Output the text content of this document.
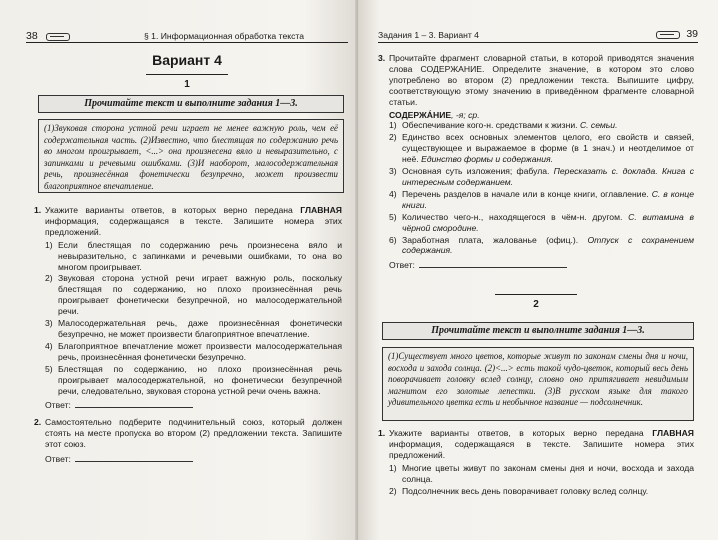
38	§ 1. Информационная обработка текста
Вариант 4
1
Прочитайте текст и выполните задания 1—3.
(1)Звуковая сторона устной речи играет не менее важную роль, чем её содержательная часть. (2)Известно, что блестящая по содержанию речь во многом проигрывает, <...> она произнесена вяло и невыразительно, с запинками и речевыми ошибками. (3)И наоборот, малосодержательная речь, произнесённая фонетически безупречно, может произвести благоприятное впечатление.
1. Укажите варианты ответов, в которых верно передана ГЛАВНАЯ информация, содержащаяся в тексте. Запишите номера этих предложений.
1) Если блестящая по содержанию речь произнесена вяло и невыразительно, с запинками и речевыми ошибками, то она во многом проигрывает.
2) Звуковая сторона устной речи играет важную роль, поскольку блестящая по содержанию, но плохо произнесённая речь проигрывает фонетически безупречной, но малосодержательной речи.
3) Малосодержательная речь, даже произнесённая фонетически безупречно, не может произвести благоприятное впечатление.
4) Благоприятное впечатление может произвести малосодержательная речь, произнесённая фонетически безупречно.
5) Блестящая по содержанию, но плохо произнесённая речь проигрывает малосодержательной, но фонетически безупречной речи, следовательно, звуковая сторона устной речи очень важна.
Ответ:
2. Самостоятельно подберите подчинительный союз, который должен стоять на месте пропуска во втором (2) предложении текста. Запишите этот союз.
Ответ:
Задания 1 – 3. Вариант 4	39
3. Прочитайте фрагмент словарной статьи, в которой приводятся значения слова СОДЕРЖАНИЕ. Определите значение, в котором это слово употреблено во втором (2) предложении текста. Выпишите цифру, соответствующую этому значению в приведённом фрагменте словарной статьи.
СОДЕРЖА́НИЕ, -я; ср.
1) Обеспечивание кого-н. средствами к жизни. С. семьи.
2) Единство всех основных элементов целого, его свойств и связей, существующее и выражаемое в форме (в 1 знач.) и неотделимое от неё. Единство формы и содержания.
3) Основная суть изложения; фабула. Пересказать с. доклада. Книга с интересным содержанием.
4) Перечень разделов в начале или в конце книги, оглавление. С. в конце книги.
5) Количество чего-н., находящегося в чём-н. другом. С. витамина в чёрной смородине.
6) Заработная плата, жалованье (офиц.). Отпуск с сохранением содержания.
Ответ:
2
Прочитайте текст и выполните задания 1—3.
(1)Существует много цветов, которые живут по законам смены дня и ночи, восхода и захода солнца. (2)<...> есть такой чудо-цветок, который весь день поворачивает головку вслед солнцу, словно оно притягивает невидимым магнитом его золотые лепестки. (3)В русском языке для такого удивительного цветка есть и необычное название — подсолнечник.
1. Укажите варианты ответов, в которых верно передана ГЛАВНАЯ информация, содержащаяся в тексте. Запишите номера этих предложений.
1) Многие цветы живут по законам смены дня и ночи, восхода и захода солнца.
2) Подсолнечник весь день поворачивает головку вслед солнцу.
